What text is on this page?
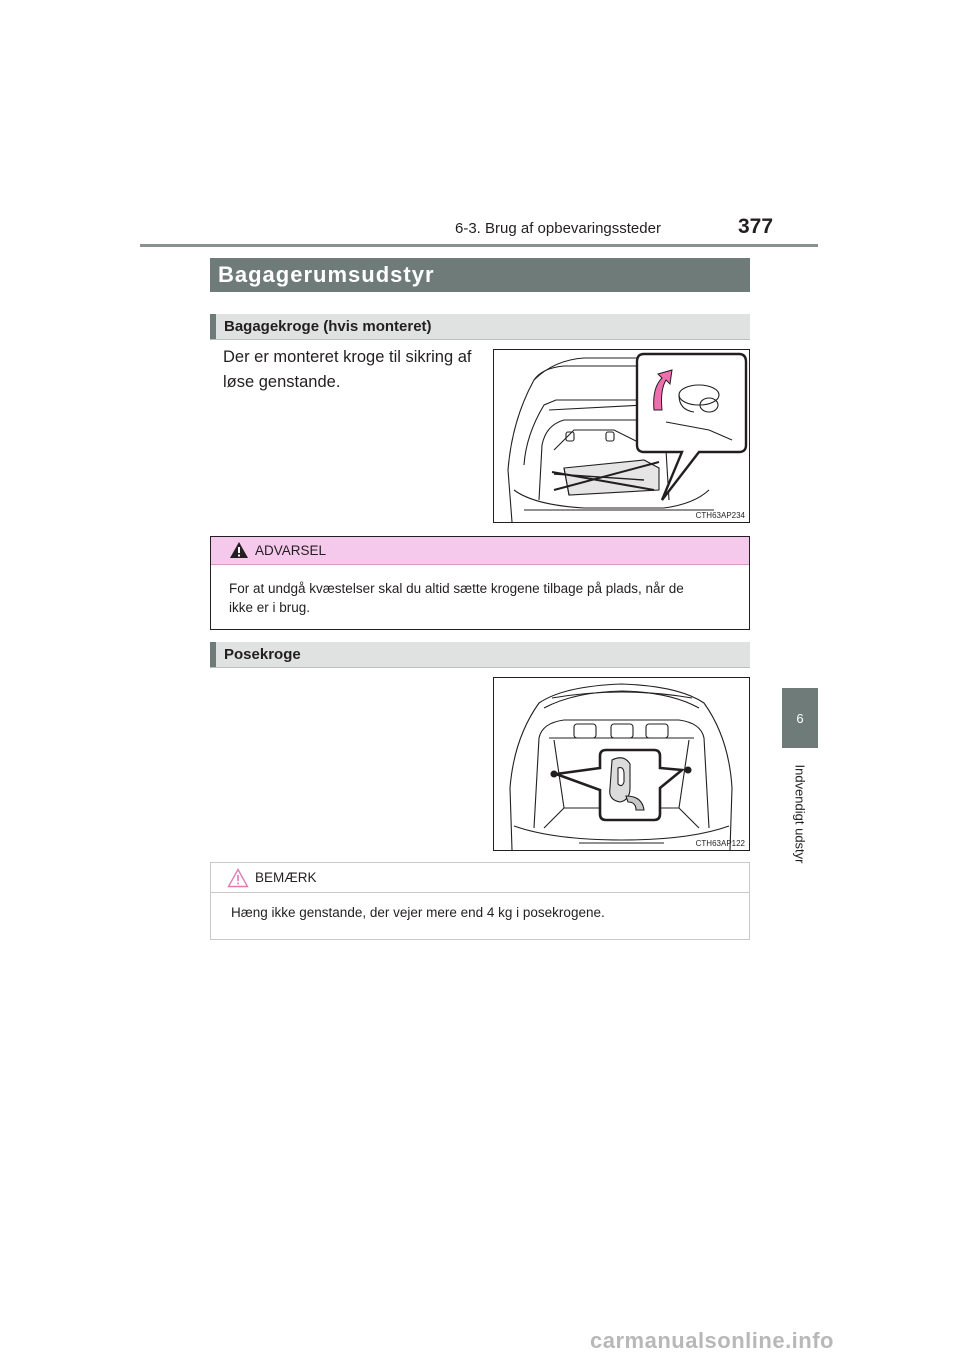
6-3. Brug af opbevaringssteder	377
6
Indvendigt udstyr
Bagagerumsudstyr
Bagagekroge (hvis monteret)
Der er monteret kroge til sikring af
løse genstande.
CTH63AP234
ADVARSEL
For at undgå kvæstelser skal du altid sætte krogene tilbage på plads, når de
ikke er i brug.
Posekroge
CTH63AP122
BEMÆRK
Hæng ikke genstande, der vejer mere end 4 kg i posekrogene.
carmanualsonline.info
